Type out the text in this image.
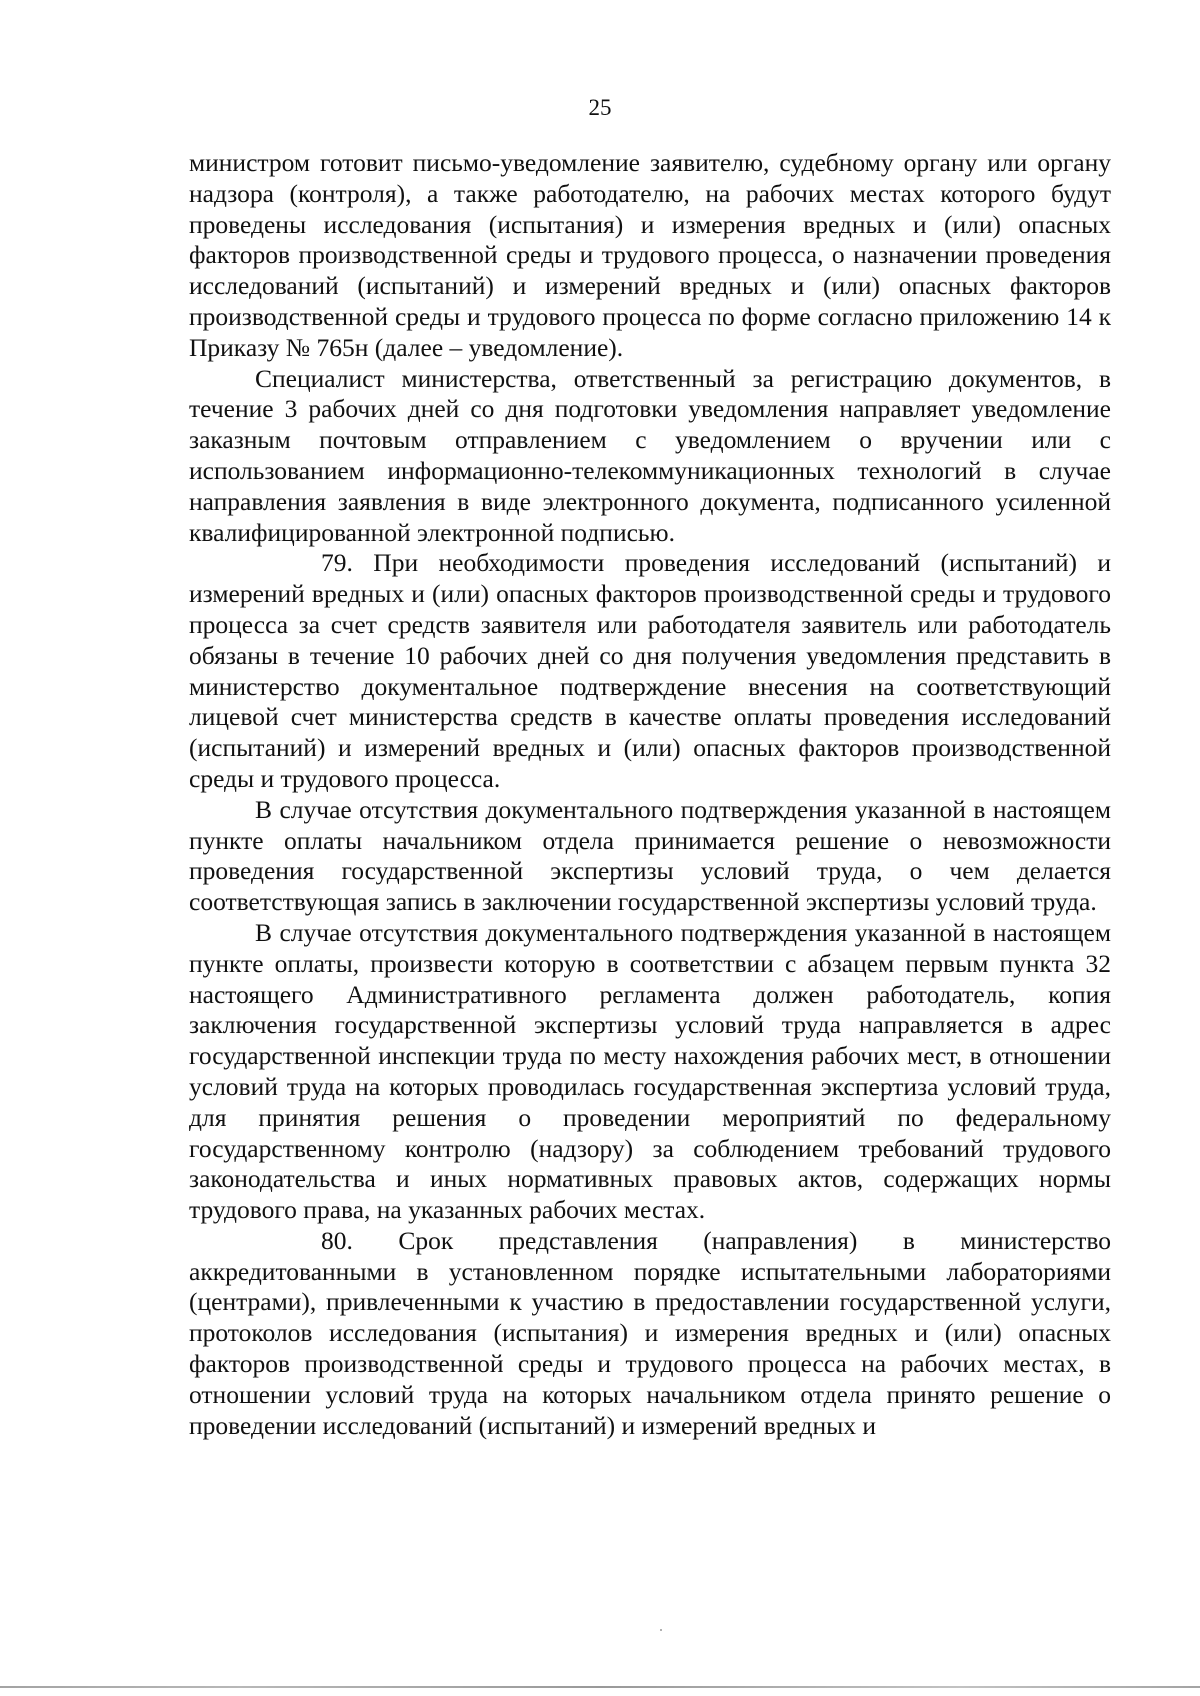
25

министром готовит письмо-уведомление заявителю, судебному органу или органу надзора (контроля), а также работодателю, на рабочих местах которого будут проведены исследования (испытания) и измерения вредных и (или) опасных факторов производственной среды и трудового процесса, о назначении проведения исследований (испытаний) и измерений вредных и (или) опасных факторов производственной среды и трудового процесса по форме согласно приложению 14 к Приказу № 765н (далее – уведомление).

Специалист министерства, ответственный за регистрацию документов, в течение 3 рабочих дней со дня подготовки уведомления направляет уведомление заказным почтовым отправлением с уведомлением о вручении или с использованием информационно-телекоммуникационных технологий в случае направления заявления в виде электронного документа, подписанного усиленной квалифицированной электронной подписью.

79. При необходимости проведения исследований (испытаний) и измерений вредных и (или) опасных факторов производственной среды и трудового процесса за счет средств заявителя или работодателя заявитель или работодатель обязаны в течение 10 рабочих дней со дня получения уведомления представить в министерство документальное подтверждение внесения на соответствующий лицевой счет министерства средств в качестве оплаты проведения исследований (испытаний) и измерений вредных и (или) опасных факторов производственной среды и трудового процесса.

В случае отсутствия документального подтверждения указанной в настоящем пункте оплаты начальником отдела принимается решение о невозможности проведения государственной экспертизы условий труда, о чем делается соответствующая запись в заключении государственной экспертизы условий труда.

В случае отсутствия документального подтверждения указанной в настоящем пункте оплаты, произвести которую в соответствии с абзацем первым пункта 32 настоящего Административного регламента должен работодатель, копия заключения государственной экспертизы условий труда направляется в адрес государственной инспекции труда по месту нахождения рабочих мест, в отношении условий труда на которых проводилась государственная экспертиза условий труда, для принятия решения о проведении мероприятий по федеральному государственному контролю (надзору) за соблюдением требований трудового законодательства и иных нормативных правовых актов, содержащих нормы трудового права, на указанных рабочих местах.

80. Срок представления (направления) в министерство аккредитованными в установленном порядке испытательными лабораториями (центрами), привлеченными к участию в предоставлении государственной услуги, протоколов исследования (испытания) и измерения вредных и (или) опасных факторов производственной среды и трудового процесса на рабочих местах, в отношении условий труда на которых начальником отдела принято решение о проведении исследований (испытаний) и измерений вредных и
